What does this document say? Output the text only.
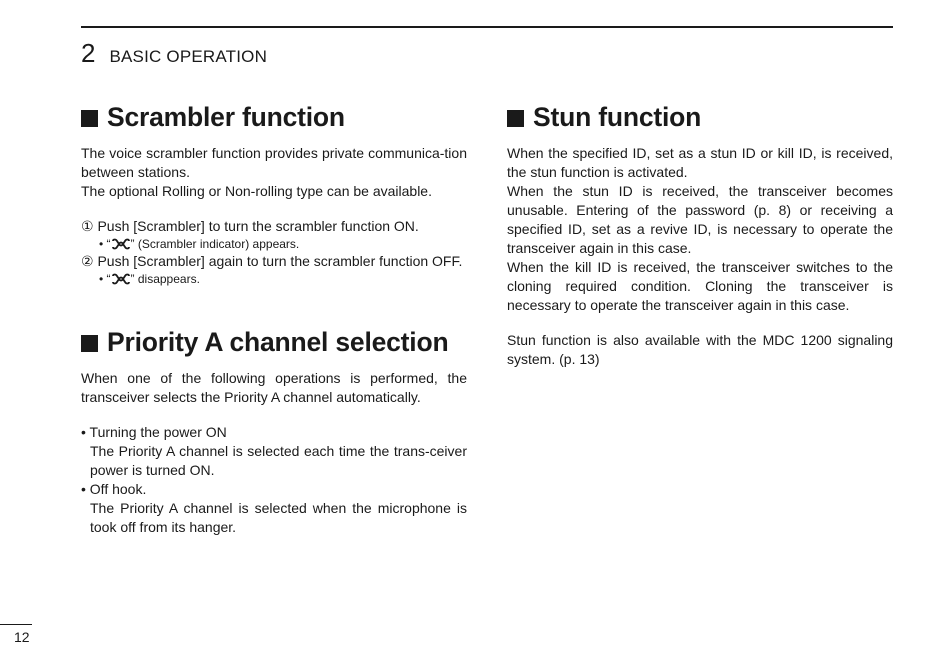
2 BASIC OPERATION
Scrambler function

The voice scrambler function provides private communica-tion between stations.

The optional Rolling or Non-rolling type can be available.

① Push [Scrambler] to turn the scrambler function ON.

• “ ” (Scrambler indicator) appears.

② Push [Scrambler] again to turn the scrambler function OFF.

• “ ” disappears.
Priority A channel selection

When one of the following operations is performed, the transceiver selects the Priority A channel automatically.

• Turning the power ON

The Priority A channel is selected each time the trans-ceiver power is turned ON.

• Off hook.

The Priority A channel is selected when the microphone is took off from its hanger.

Stun function

When the specified ID, set as a stun ID or kill ID, is received, the stun function is activated.

When the stun ID is received, the transceiver becomes unusable. Entering of the password (p. 8) or receiving a specified ID, set as a revive ID, is necessary to operate the transceiver again in this case.

When the kill ID is received, the transceiver switches to the cloning required condition. Cloning the transceiver is necessary to operate the transceiver again in this case.

Stun function is also available with the MDC 1200 signaling system. (p. 13)

12
